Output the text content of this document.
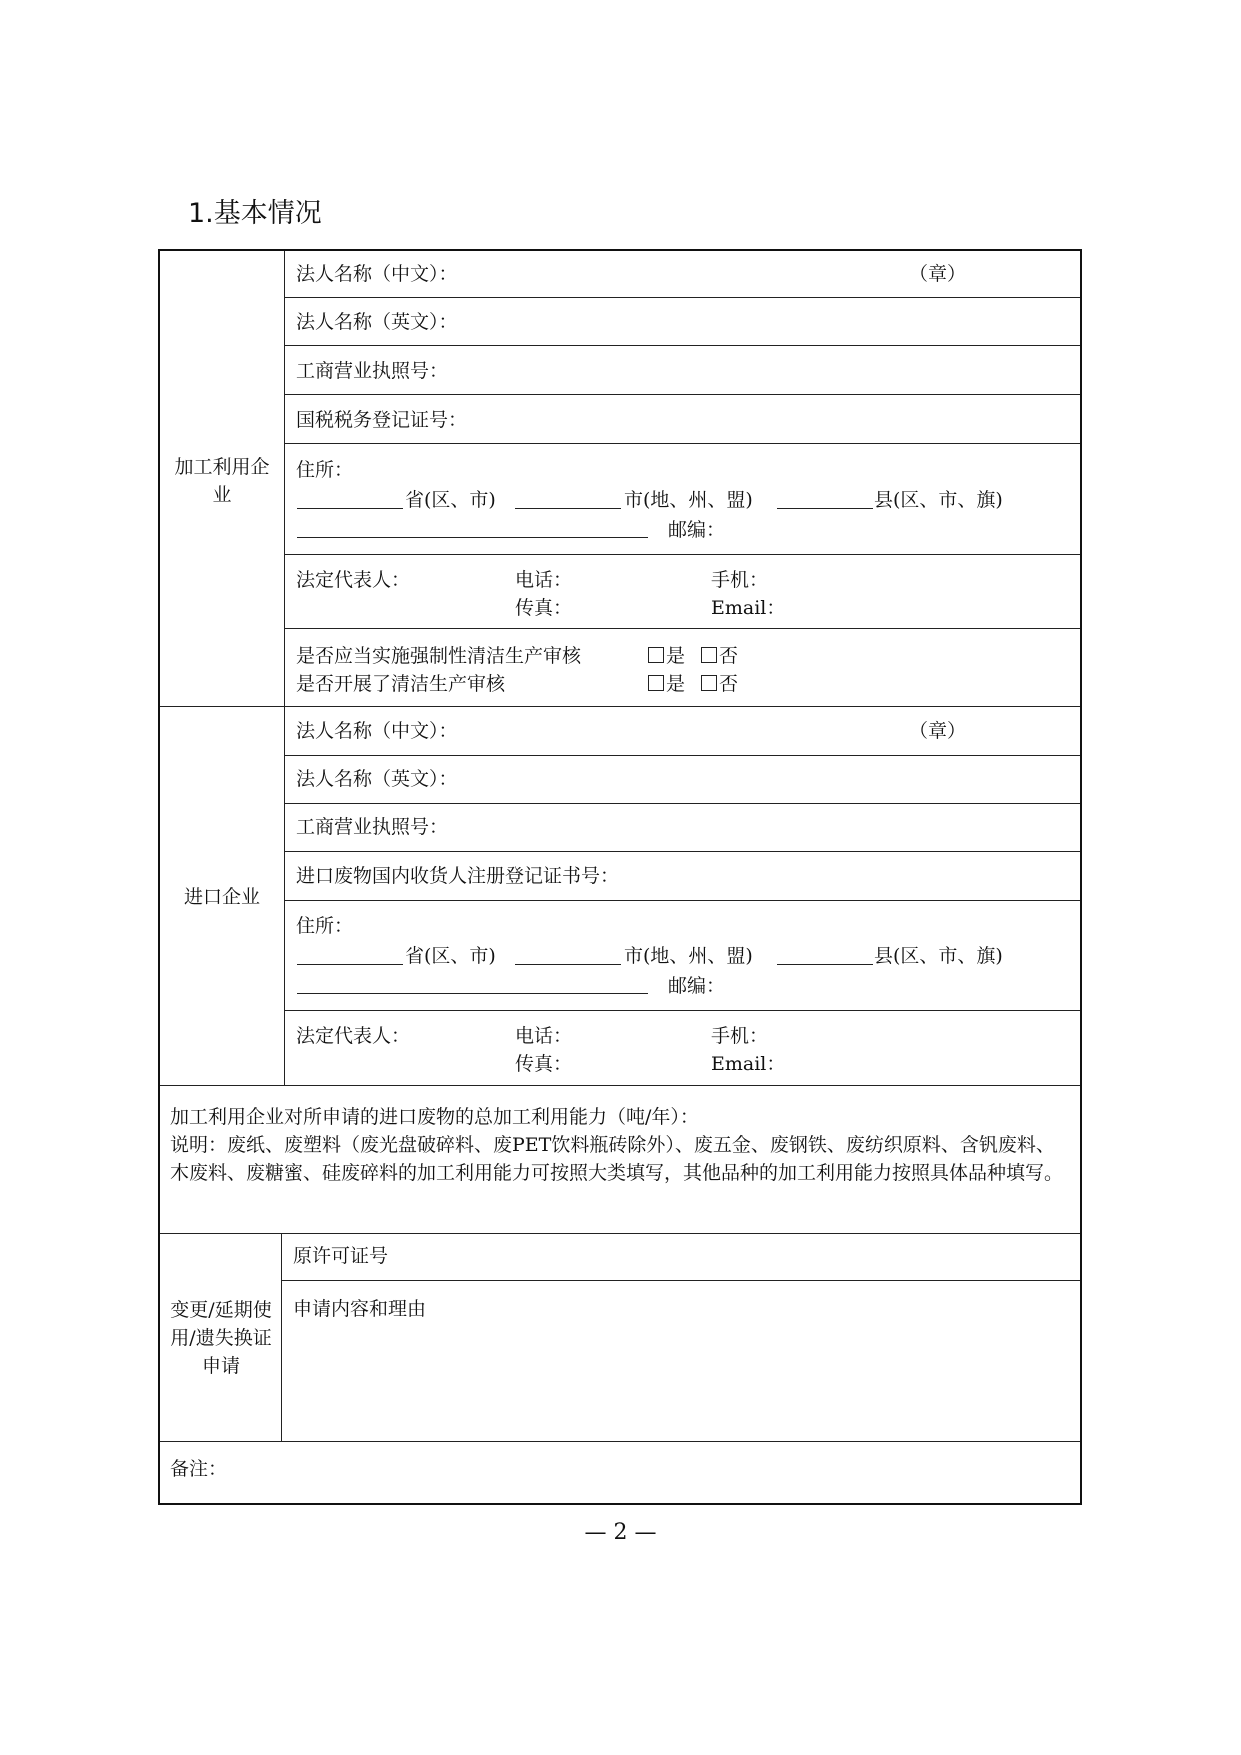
1.基本情况
加工利用企业
法人名称（中文）：	（章）
法人名称（英文）：
工商营业执照号：
国税税务登记证号：
住所：
省(区、市)	市(地、州、盟)	县(区、市、旗)
邮编：
法定代表人：	电话：	手机：
传真：	Email：
是否应当实施强制性清洁生产审核	是	否
是否开展了清洁生产审核	是	否
进口企业
法人名称（中文）：	（章）
法人名称（英文）：
工商营业执照号：
进口废物国内收货人注册登记证书号：
住所：
省(区、市)	市(地、州、盟)	县(区、市、旗)
邮编：
法定代表人：	电话：	手机：
传真：	Email：
加工利用企业对所申请的进口废物的总加工利用能力（吨/年）：
说明：废纸、废塑料（废光盘破碎料、废PET饮料瓶砖除外）、废五金、废钢铁、废纺织原料、含钒废料、木废料、废糖蜜、硅废碎料的加工利用能力可按照大类填写，其他品种的加工利用能力按照具体品种填写。
变更/延期使用/遗失换证申请
原许可证号
申请内容和理由
备注：
— 2 —
